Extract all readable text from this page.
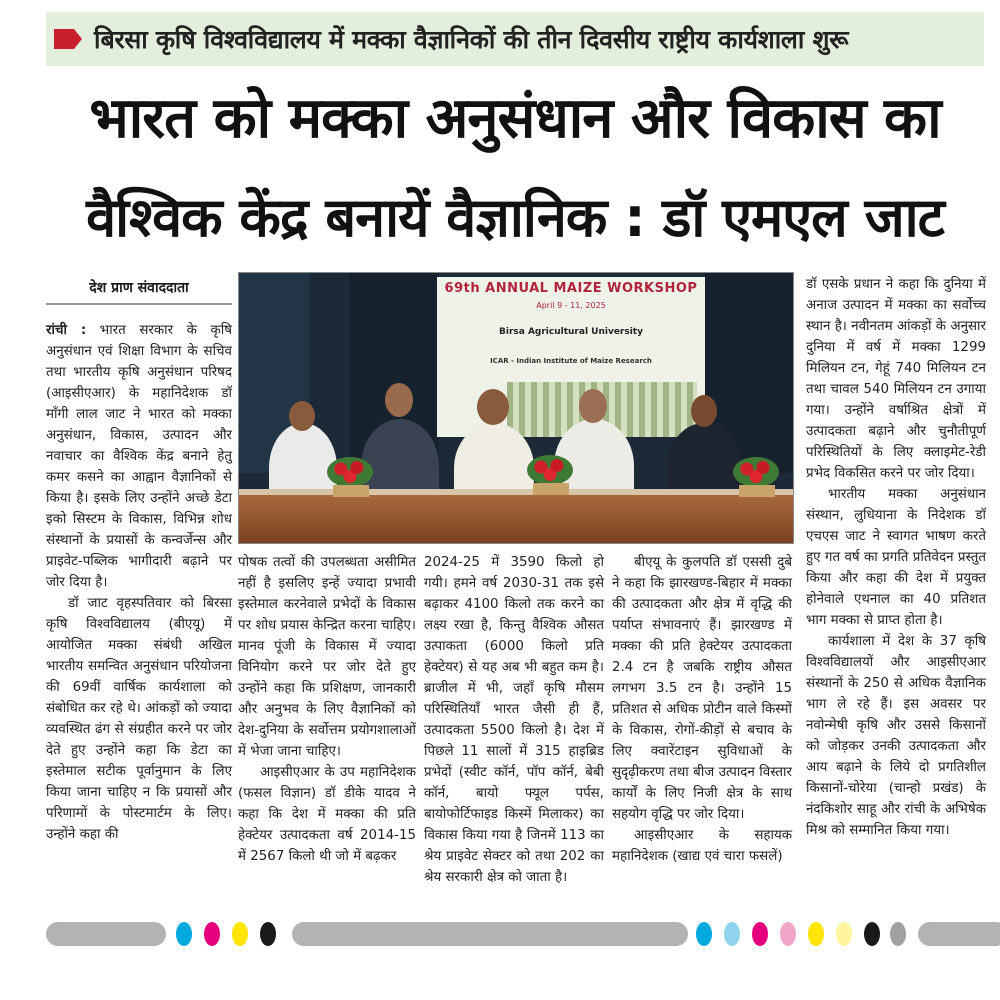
बिरसा कृषि विश्वविद्यालय में मक्का वैज्ञानिकों की तीन दिवसीय राष्ट्रीय कार्यशाला शुरू
भारत को मक्का अनुसंधान और विकास का
वैश्विक केंद्र बनायें वैज्ञानिक : डॉ एमएल जाट
देश प्राण संवाददाता

रांची : भारत सरकार के कृषि अनुसंधान एवं शिक्षा विभाग के सचिव तथा भारतीय कृषि अनुसंधान परिषद (आइसीएआर) के महानिदेशक डॉ माँगी लाल जाट ने भारत को मक्का अनुसंधान, विकास, उत्पादन और नवाचार का वैश्विक केंद्र बनाने हेतु कमर कसने का आह्वान वैज्ञानिकों से किया है। इसके लिए उन्होंने अच्छे डेटा इको सिस्टम के विकास, विभिन्न शोध संस्थानों के प्रयासों के कन्वर्जेन्स और प्राइवेट-पब्लिक भागीदारी बढ़ाने पर जोर दिया है।

डॉ जाट वृहस्पतिवार को बिरसा कृषि विश्वविद्यालय (बीएयू) में आयोजित मक्का संबंधी अखिल भारतीय समन्वित अनुसंधान परियोजना की 69वीं वार्षिक कार्यशाला को संबोधित कर रहे थे। आंकड़ों को ज्यादा व्यवस्थित ढंग से संग्रहीत करने पर जोर देते हुए उन्होंने कहा कि डेटा का इस्तेमाल सटीक पूर्वानुमान के लिए किया जाना चाहिए न कि प्रयासों और परिणामों के पोस्टमार्टम के लिए। उन्होंने कहा की

69th ANNUAL MAIZE WORKSHOP
April 9 - 11, 2025
Birsa Agricultural University
ICAR - Indian Institute of Maize Research

पोषक तत्वों की उपलब्धता असीमित नहीं है इसलिए इन्हें ज्यादा प्रभावी इस्तेमाल करनेवाले प्रभेदों के विकास पर शोध प्रयास केन्द्रित करना चाहिए। मानव पूंजी के विकास में ज्यादा विनियोग करने पर जोर देते हुए उन्होंने कहा कि प्रशिक्षण, जानकारी और अनुभव के लिए वैज्ञानिकों को देश-दुनिया के सर्वोत्तम प्रयोगशालाओं में भेजा जाना चाहिए।

आइसीएआर के उप महानिदेशक (फसल विज्ञान) डॉ डीके यादव ने कहा कि देश में मक्का की प्रति हेक्टेयर उत्पादकता वर्ष 2014-15 में 2567 किलो थी जो में बढ़कर

2024-25 में 3590 किलो हो गयी। हमने वर्ष 2030-31 तक इसे बढ़ाकर 4100 किलो तक करने का लक्ष्य रखा है, किन्तु वैश्विक औसत उत्पाकता (6000 किलो प्रति हेक्टेयर) से यह अब भी बहुत कम है। ब्राजील में भी, जहाँ कृषि मौसम परिस्थितियाँ भारत जैसी ही हैं, उत्पादकता 5500 किलो है। देश में पिछले 11 सालों में 315 हाइब्रिड प्रभेदों (स्वीट कॉर्न, पॉप कॉर्न, बेबी कॉर्न, बायो फ्यूल पर्पस, बायोफोर्टिफाइड किस्में मिलाकर) का विकास किया गया है जिनमें 113 का श्रेय प्राइवेट सेक्टर को तथा 202 का श्रेय सरकारी क्षेत्र को जाता है।

बीएयू के कुलपति डॉ एससी दुबे ने कहा कि झारखण्ड-बिहार में मक्का की उत्पादकता और क्षेत्र में वृद्धि की पर्याप्त संभावनाएं हैं। झारखण्ड में मक्का की प्रति हेक्टेयर उत्पादकता 2.4 टन है जबकि राष्ट्रीय औसत लगभग 3.5 टन है। उन्होंने 15 प्रतिशत से अधिक प्रोटीन वाले किस्मों के विकास, रोगों-कीड़ों से बचाव के लिए क्वारेंटाइन सुविधाओं के सुदृढ़ीकरण तथा बीज उत्पादन विस्तार कार्यों के लिए निजी क्षेत्र के साथ सहयोग वृद्धि पर जोर दिया।

आइसीएआर के सहायक महानिदेशक (खाद्य एवं चारा फसलें)

डॉ एसके प्रधान ने कहा कि दुनिया में अनाज उत्पादन में मक्का का सर्वोच्च स्थान है। नवीनतम आंकड़ों के अनुसार दुनिया में वर्ष में मक्का 1299 मिलियन टन, गेहूं 740 मिलियन टन तथा चावल 540 मिलियन टन उगाया गया। उन्होंने वर्षाश्रित क्षेत्रों में उत्पादकता बढ़ाने और चुनौतीपूर्ण परिस्थितियों के लिए क्लाइमेट-रेडी प्रभेद विकसित करने पर जोर दिया।

भारतीय मक्का अनुसंधान संस्थान, लुधियाना के निदेशक डॉ एचएस जाट ने स्वागत भाषण करते हुए गत वर्ष का प्रगति प्रतिवेदन प्रस्तुत किया और कहा की देश में प्रयुक्त होनेवाले एथनाल का 40 प्रतिशत भाग मक्का से प्राप्त होता है।

कार्यशाला में देश के 37 कृषि विश्वविद्यालयों और आइसीएआर संस्थानों के 250 से अधिक वैज्ञानिक भाग ले रहे हैं। इस अवसर पर नवोन्मेषी कृषि और उससे किसानों को जोड़कर उनकी उत्पादकता और आय बढ़ाने के लिये दो प्रगतिशील किसानों-चोरेया (चान्हो प्रखंड) के नंदकिशोर साहू और रांची के अभिषेक मिश्र को सम्मानित किया गया।
